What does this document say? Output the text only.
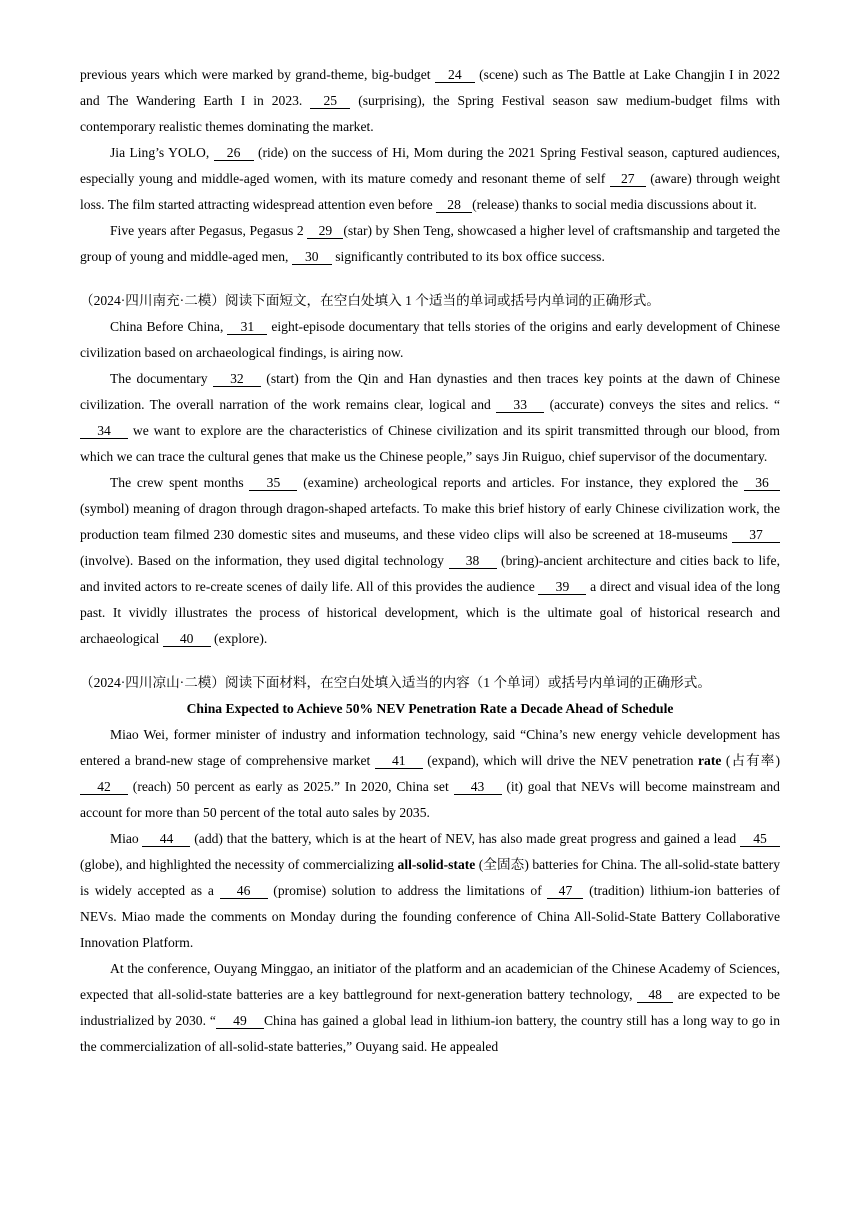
previous years which were marked by grand-theme, big-budget 24 (scene) such as The Battle at Lake Changjin I in 2022 and The Wandering Earth I in 2023. 25 (surprising), the Spring Festival season saw medium-budget films with contemporary realistic themes dominating the market.

Jia Ling’s YOLO, 26 (ride) on the success of Hi, Mom during the 2021 Spring Festival season, captured audiences, especially young and middle-aged women, with its mature comedy and resonant theme of self 27 (aware) through weight loss. The film started attracting widespread attention even before 28 (release) thanks to social media discussions about it.

Five years after Pegasus, Pegasus 2 29 (star) by Shen Teng, showcased a higher level of craftsmanship and targeted the group of young and middle-aged men, 30 significantly contributed to its box office success.

（2024·四川南充·二模）阅读下面短文，在空白处填入 1 个适当的单词或括号内单词的正确形式。

China Before China, 31 eight-episode documentary that tells stories of the origins and early development of Chinese civilization based on archaeological findings, is airing now.

The documentary 32 (start) from the Qin and Han dynasties and then traces key points at the dawn of Chinese civilization. The overall narration of the work remains clear, logical and 33 (accurate) conveys the sites and relics. “34 we want to explore are the characteristics of Chinese civilization and its spirit transmitted through our blood, from which we can trace the cultural genes that make us the Chinese people,” says Jin Ruiguo, chief supervisor of the documentary.

The crew spent months 35 (examine) archeological reports and articles. For instance, they explored the 36 (symbol) meaning of dragon through dragon-shaped artefacts. To make this brief history of early Chinese civilization work, the production team filmed 230 domestic sites and museums, and these video clips will also be screened at 18-museums 37 (involve). Based on the information, they used digital technology 38 (bring)-ancient architecture and cities back to life, and invited actors to re-create scenes of daily life. All of this provides the audience 39 a direct and visual idea of the long past. It vividly illustrates the process of historical development, which is the ultimate goal of historical research and archaeological 40 (explore).

（2024·四川凉山·二模）阅读下面材料，在空白处填入适当的内容（1 个单词）或括号内单词的正确形式。

China Expected to Achieve 50% NEV Penetration Rate a Decade Ahead of Schedule

Miao Wei, former minister of industry and information technology, said “China’s new energy vehicle development has entered a brand-new stage of comprehensive market 41 (expand), which will drive the NEV penetration rate (占有率) 42 (reach) 50 percent as early as 2025.” In 2020, China set 43 (it) goal that NEVs will become mainstream and account for more than 50 percent of the total auto sales by 2035.

Miao 44 (add) that the battery, which is at the heart of NEV, has also made great progress and gained a lead 45 (globe), and highlighted the necessity of commercializing all-solid-state (全固态) batteries for China. The all-solid-state battery is widely accepted as a 46 (promise) solution to address the limitations of 47 (tradition) lithium-ion batteries of NEVs. Miao made the comments on Monday during the founding conference of China All-Solid-State Battery Collaborative Innovation Platform.

At the conference, Ouyang Minggao, an initiator of the platform and an academician of the Chinese Academy of Sciences, expected that all-solid-state batteries are a key battleground for next-generation battery technology, 48 are expected to be industrialized by 2030. “ 49 China has gained a global lead in lithium-ion battery, the country still has a long way to go in the commercialization of all-solid-state batteries,” Ouyang said. He appealed
